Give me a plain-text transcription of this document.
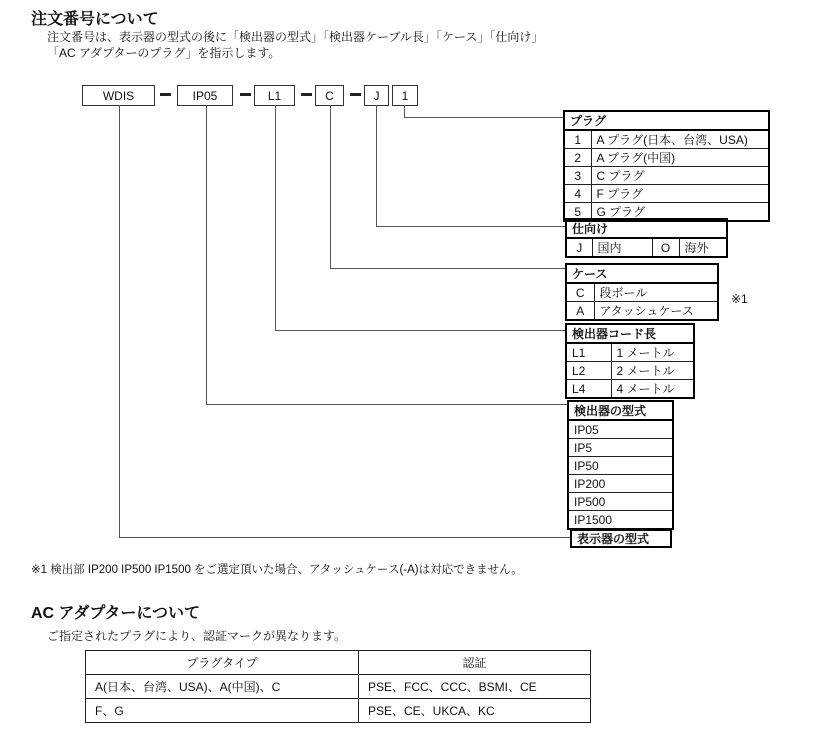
注文番号について
注文番号は、表示器の型式の後に「検出器の型式」「検出器ケーブル長」「ケース」「仕向け」
「AC アダプターのプラグ」を指示します。
WDIS	IP05	L1	C	J	1
プラグ	
1	A プラグ(日本、台湾、USA)
2	A プラグ(中国)
3	C プラグ
4	F プラグ
5	G プラグ
仕向け
J	国内	O	海外
ケース	
C	段ボール
A	アタッシュケース
※1
検出器コード長	
L1	1 メートル
L2	2 メートル
L4	4 メートル
検出器の型式
IP05
IP5
IP50
IP200
IP500
IP1500
表示器の型式
※1 検出部 IP200 IP500 IP1500 をご選定頂いた場合、アタッシュケース(-A)は対応できません。
AC アダプターについて
ご指定されたプラグにより、認証マークが異なります。
プラグタイプ	認証
A(日本、台湾、USA)、A(中国)、C	PSE、FCC、CCC、BSMI、CE
F、G	PSE、CE、UKCA、KC
